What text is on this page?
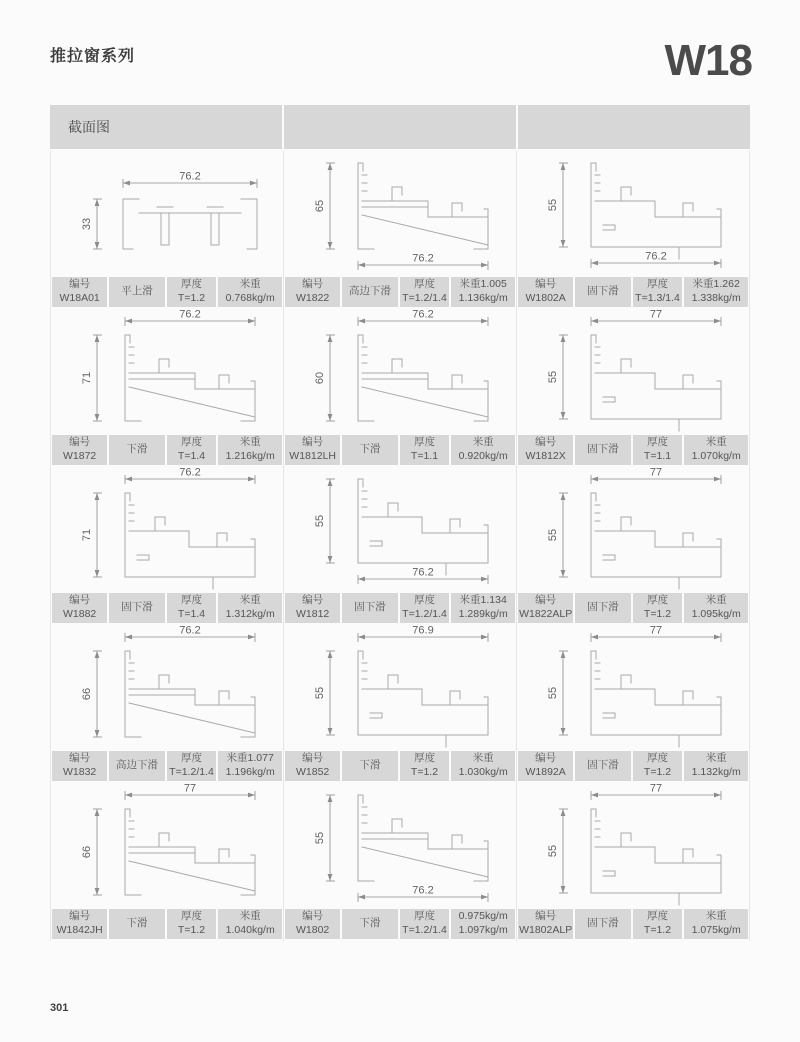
推拉窗系列	W18
截面图
76.2
33
编号
W18A01
平上滑
厚度
T=1.2
米重
0.768kg/m
76.2
65
编号
W1822
高边下滑
厚度
T=1.2/1.4
米重1.005
1.136kg/m
76.2
55
编号
W1802A
固下滑
厚度
T=1.3/1.4
米重1.262
1.338kg/m
76.2
71
编号
W1872
下滑
厚度
T=1.4
米重
1.216kg/m
76.2
60
编号
W1812LH
下滑
厚度
T=1.1
米重
0.920kg/m
77
55
编号
W1812X
固下滑
厚度
T=1.1
米重
1.070kg/m
76.2
71
编号
W1882
固下滑
厚度
T=1.4
米重
1.312kg/m
76.2
55
编号
W1812
固下滑
厚度
T=1.2/1.4
米重1.134
1.289kg/m
77
55
编号
W1822ALP
固下滑
厚度
T=1.2
米重
1.095kg/m
76.2
66
编号
W1832
高边下滑
厚度
T=1.2/1.4
米重1.077
1.196kg/m
76.9
55
编号
W1852
下滑
厚度
T=1.2
米重
1.030kg/m
77
55
编号
W1892A
固下滑
厚度
T=1.2
米重
1.132kg/m
77
66
编号
W1842JH
下滑
厚度
T=1.2
米重
1.040kg/m
76.2
55
编号
W1802
下滑
厚度
T=1.2/1.4
0.975kg/m
1.097kg/m
77
55
编号
W1802ALP
固下滑
厚度
T=1.2
米重
1.075kg/m
301
